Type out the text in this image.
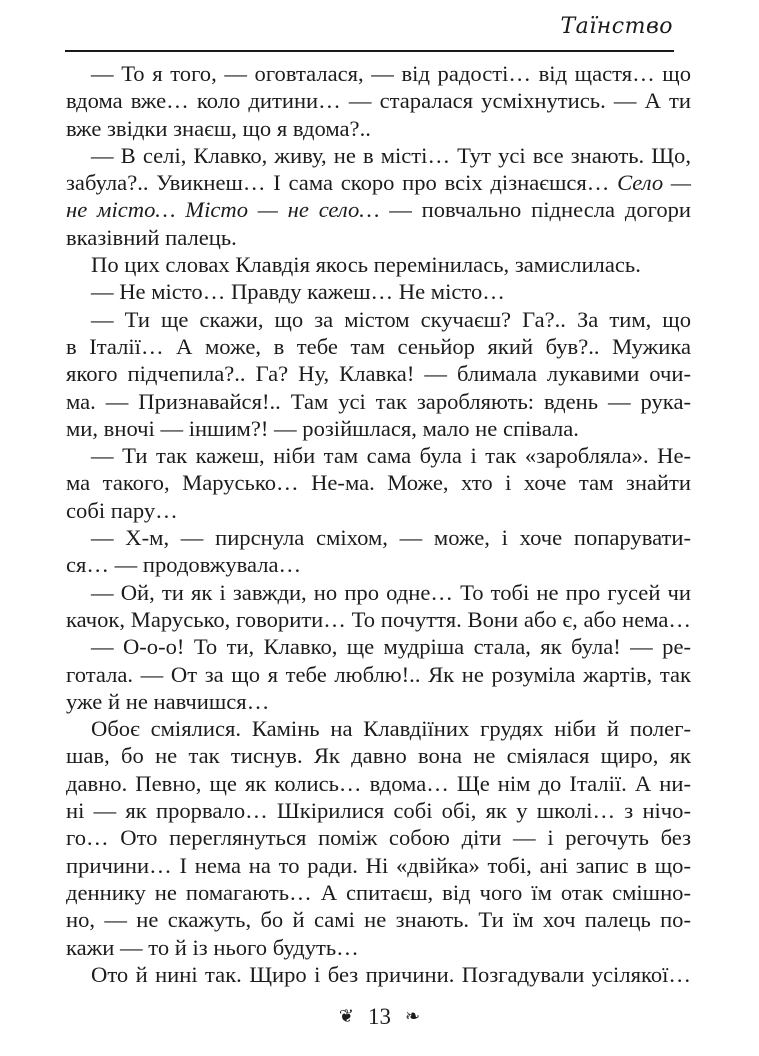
Таїнство
— То я того, — оговталася, — від радості… від щастя… що
вдома вже… коло дитини… — старалася усміхнутись. — А ти
вже звідки знаєш, що я вдома?..
— В селі, Клавко, живу, не в місті… Тут усі все знають. Що,
забула?.. Увикнеш… І сама скоро про всіх дізнаєшся… Село —
не місто… Місто — не село… — повчально піднесла догори
вказівний палець.
По цих словах Клавдія якось перемінилась, замислилась.
— Не місто… Правду кажеш… Не місто…
— Ти ще скажи, що за містом скучаєш? Га?.. За тим, що
в Італії… А може, в тебе там сеньйор який був?.. Мужика
якого підчепила?.. Га? Ну, Клавка! — блимала лукавими очи-
ма. — Признавайся!.. Там усі так заробляють: вдень — рука-
ми, вночі — іншим?! — розійшлася, мало не співала.
— Ти так кажеш, ніби там сама була і так «заробляла». Не-
ма такого, Марусько… Не-ма. Може, хто і хоче там знайти
собі пару…
— Х-м, — пирснула сміхом, — може, і хоче попарувати-
ся… — продовжувала…
— Ой, ти як і завжди, но про одне… То тобі не про гусей чи
качок, Марусько, говорити… То почуття. Вони або є, або нема…
— О-о-о! То ти, Клавко, ще мудріша стала, як була! — ре-
готала. — От за що я тебе люблю!.. Як не розуміла жартів, так
уже й не навчишся…
Обоє сміялися. Камінь на Клавдіїних грудях ніби й полег-
шав, бо не так тиснув. Як давно вона не сміялася щиро, як
давно. Певно, ще як колись… вдома… Ще нім до Італії. А ни-
ні — як прорвало… Шкірилися собі обі, як у школі… з нічо-
го… Ото переглянуться поміж собою діти — і регочуть без
причини… І нема на то ради. Ні «двійка» тобі, ані запис в що-
деннику не помагають… А спитаєш, від чого їм отак смішно-
но, — не скажуть, бо й самі не знають. Ти їм хоч палець по-
кажи — то й із нього будуть…
Ото й нині так. Щиро і без причини. Позгадували усілякої…
❦ 13 ❧
